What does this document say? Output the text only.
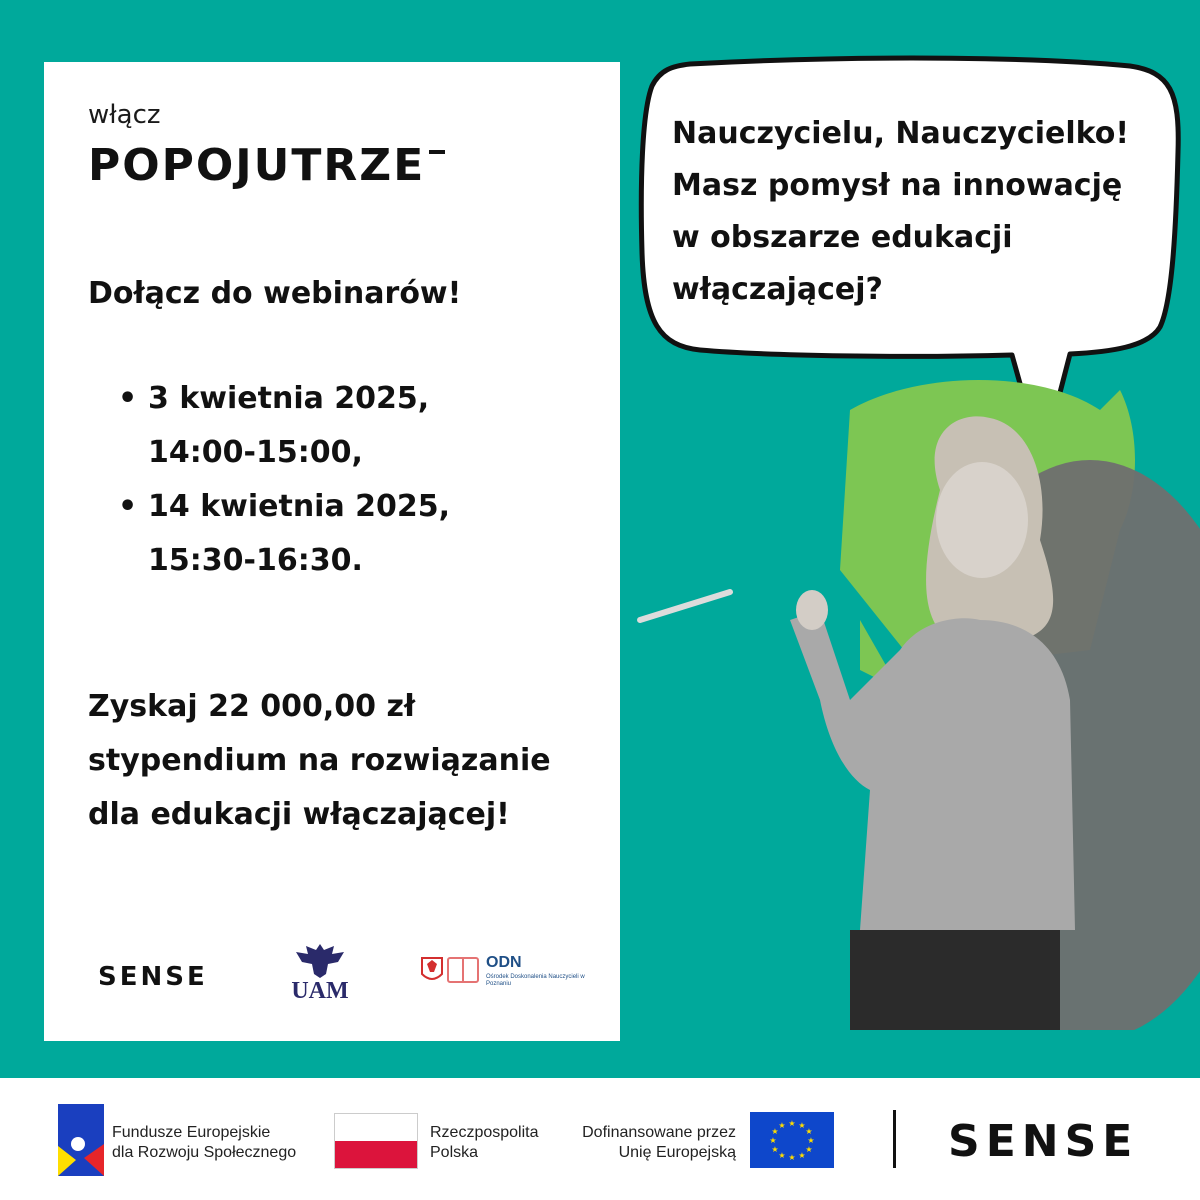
włącz
POPOJUTRZE
Dołącz do webinarów!
• 3 kwietnia 2025,
14:00-15:00,
• 14 kwietnia 2025,
15:30-16:30.
Zyskaj 22 000,00 zł
stypendium na rozwiązanie
dla edukacji włączającej!
SENSE	UAM
ODN
Ośrodek Doskonalenia Nauczycieli w Poznaniu
Nauczycielu, Nauczycielko!
Masz pomysł na innowację
w obszarze edukacji
włączającej?
Fundusze Europejskie
dla Rozwoju Społecznego
Rzeczpospolita
Polska
Dofinansowane przez
Unię Europejską
★ ★
★
★
★
★
★
★
★
★
★
★	SENSE
